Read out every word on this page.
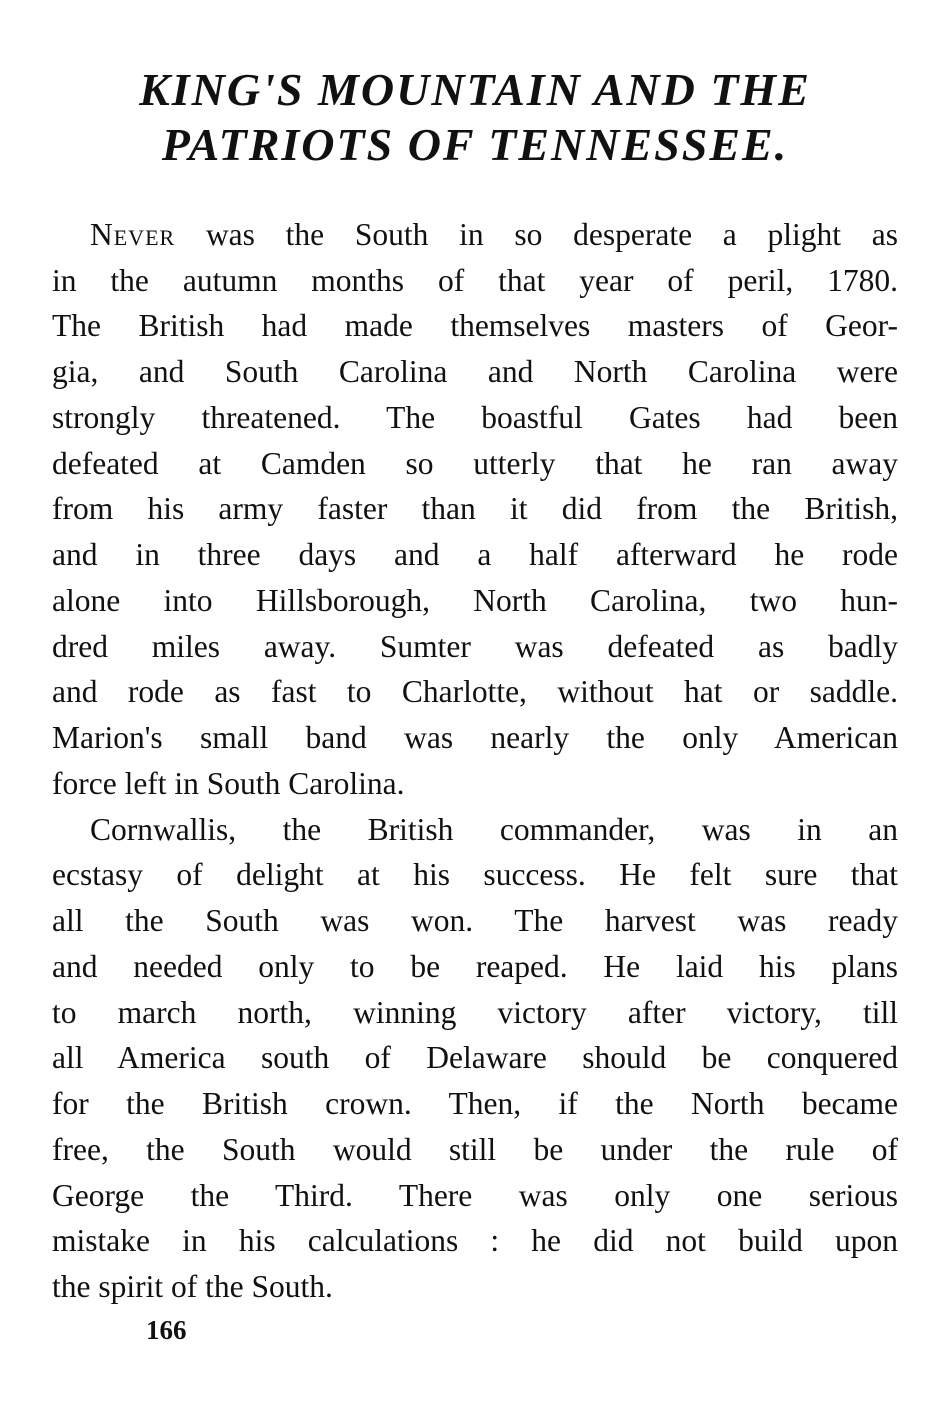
KING'S MOUNTAIN AND THE
PATRIOTS OF TENNESSEE.
Never was the South in so desperate a plight as
in the autumn months of that year of peril, 1780.
The British had made themselves masters of Geor-
gia, and South Carolina and North Carolina were
strongly threatened. The boastful Gates had been
defeated at Camden so utterly that he ran away
from his army faster than it did from the British,
and in three days and a half afterward he rode
alone into Hillsborough, North Carolina, two hun-
dred miles away. Sumter was defeated as badly
and rode as fast to Charlotte, without hat or saddle.
Marion's small band was nearly the only American
force left in South Carolina.
Cornwallis, the British commander, was in an
ecstasy of delight at his success. He felt sure that
all the South was won. The harvest was ready
and needed only to be reaped. He laid his plans
to march north, winning victory after victory, till
all America south of Delaware should be conquered
for the British crown. Then, if the North became
free, the South would still be under the rule of
George the Third. There was only one serious
mistake in his calculations : he did not build upon
the spirit of the South.
166
